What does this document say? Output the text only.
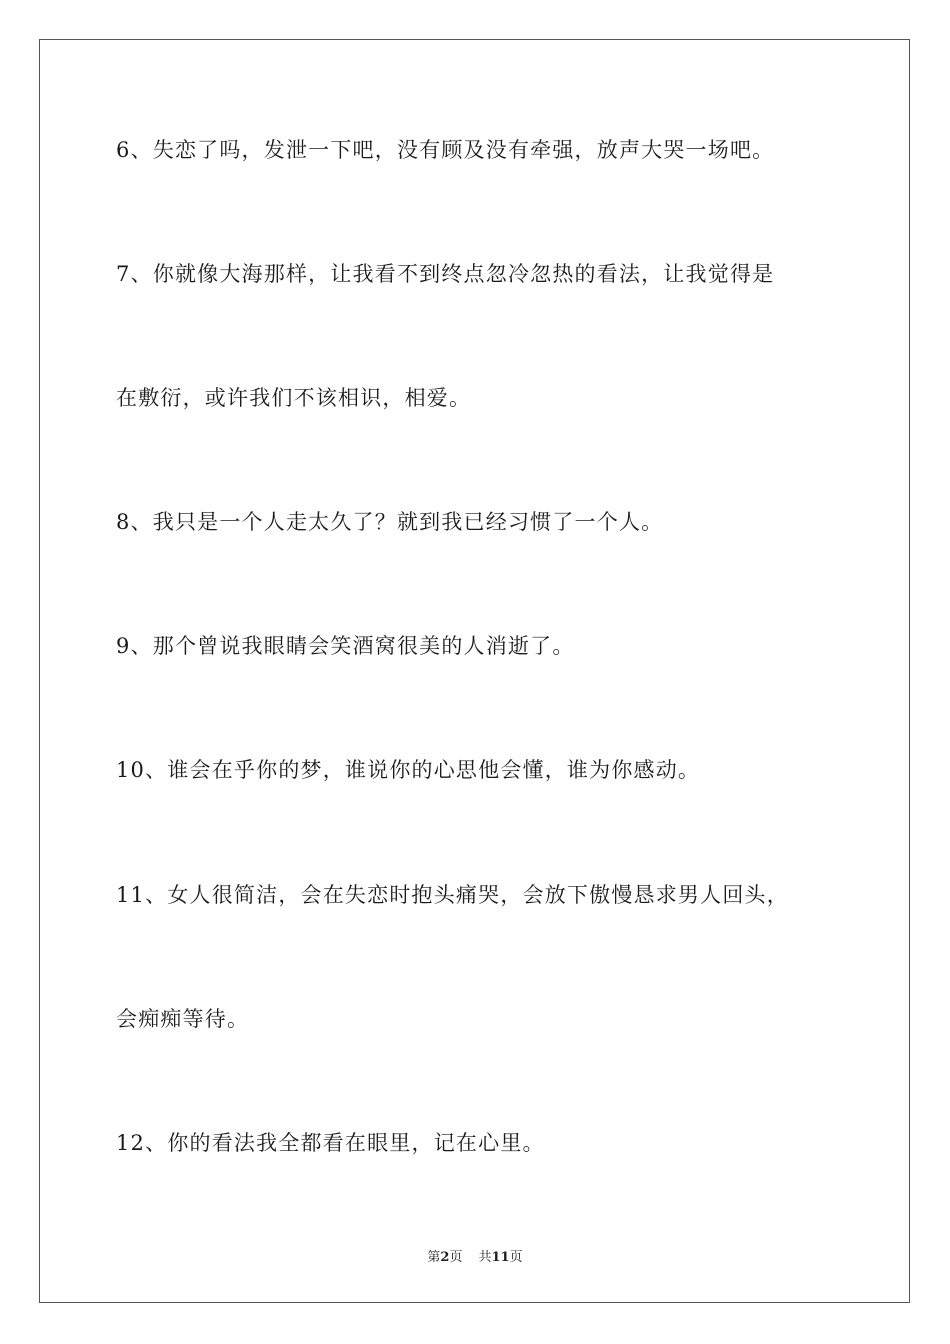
6、失恋了吗，发泄一下吧，没有顾及没有牵强，放声大哭一场吧。
7、你就像大海那样，让我看不到终点忽冷忽热的看法，让我觉得是
在敷衍，或许我们不该相识，相爱。
8、我只是一个人走太久了？就到我已经习惯了一个人。
9、那个曾说我眼睛会笑酒窝很美的人消逝了。
10、谁会在乎你的梦，谁说你的心思他会懂，谁为你感动。
11、女人很简洁，会在失恋时抱头痛哭，会放下傲慢恳求男人回头，
会痴痴等待。
12、你的看法我全都看在眼里，记在心里。
第2页 共11页
